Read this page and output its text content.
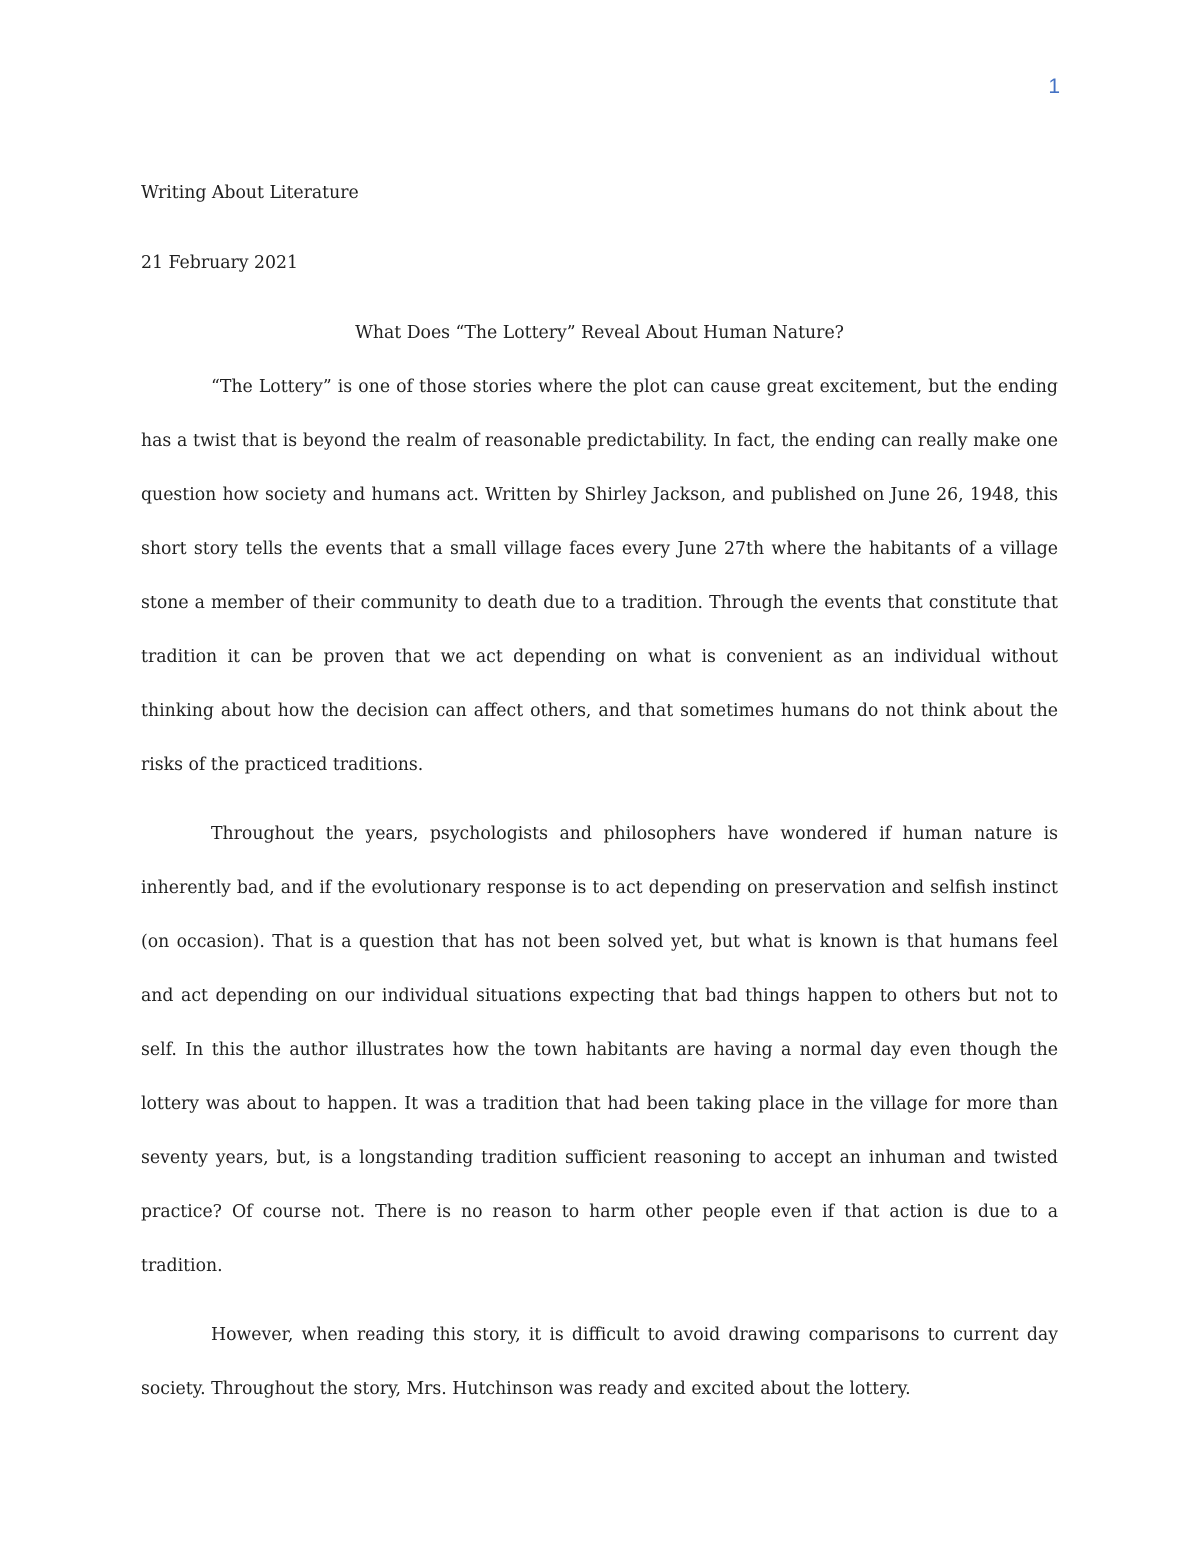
1
Writing About Literature
21 February 2021
What Does “The Lottery” Reveal About Human Nature?
“The Lottery” is one of those stories where the plot can cause great excitement, but the ending has a twist that is beyond the realm of reasonable predictability. In fact, the ending can really make one question how society and humans act. Written by Shirley Jackson, and published on June 26, 1948, this short story tells the events that a small village faces every June 27th where the habitants of a village stone a member of their community to death due to a tradition. Through the events that constitute that tradition it can be proven that we act depending on what is convenient as an individual without thinking about how the decision can affect others, and that sometimes humans do not think about the risks of the practiced traditions.
Throughout the years, psychologists and philosophers have wondered if human nature is inherently bad, and if the evolutionary response is to act depending on preservation and selfish instinct (on occasion). That is a question that has not been solved yet, but what is known is that humans feel and act depending on our individual situations expecting that bad things happen to others but not to self. In this the author illustrates how the town habitants are having a normal day even though the lottery was about to happen. It was a tradition that had been taking place in the village for more than seventy years, but, is a longstanding tradition sufficient reasoning to accept an inhuman and twisted practice? Of course not. There is no reason to harm other people even if that action is due to a tradition.
However, when reading this story, it is difficult to avoid drawing comparisons to current day society. Throughout the story, Mrs. Hutchinson was ready and excited about the lottery.
